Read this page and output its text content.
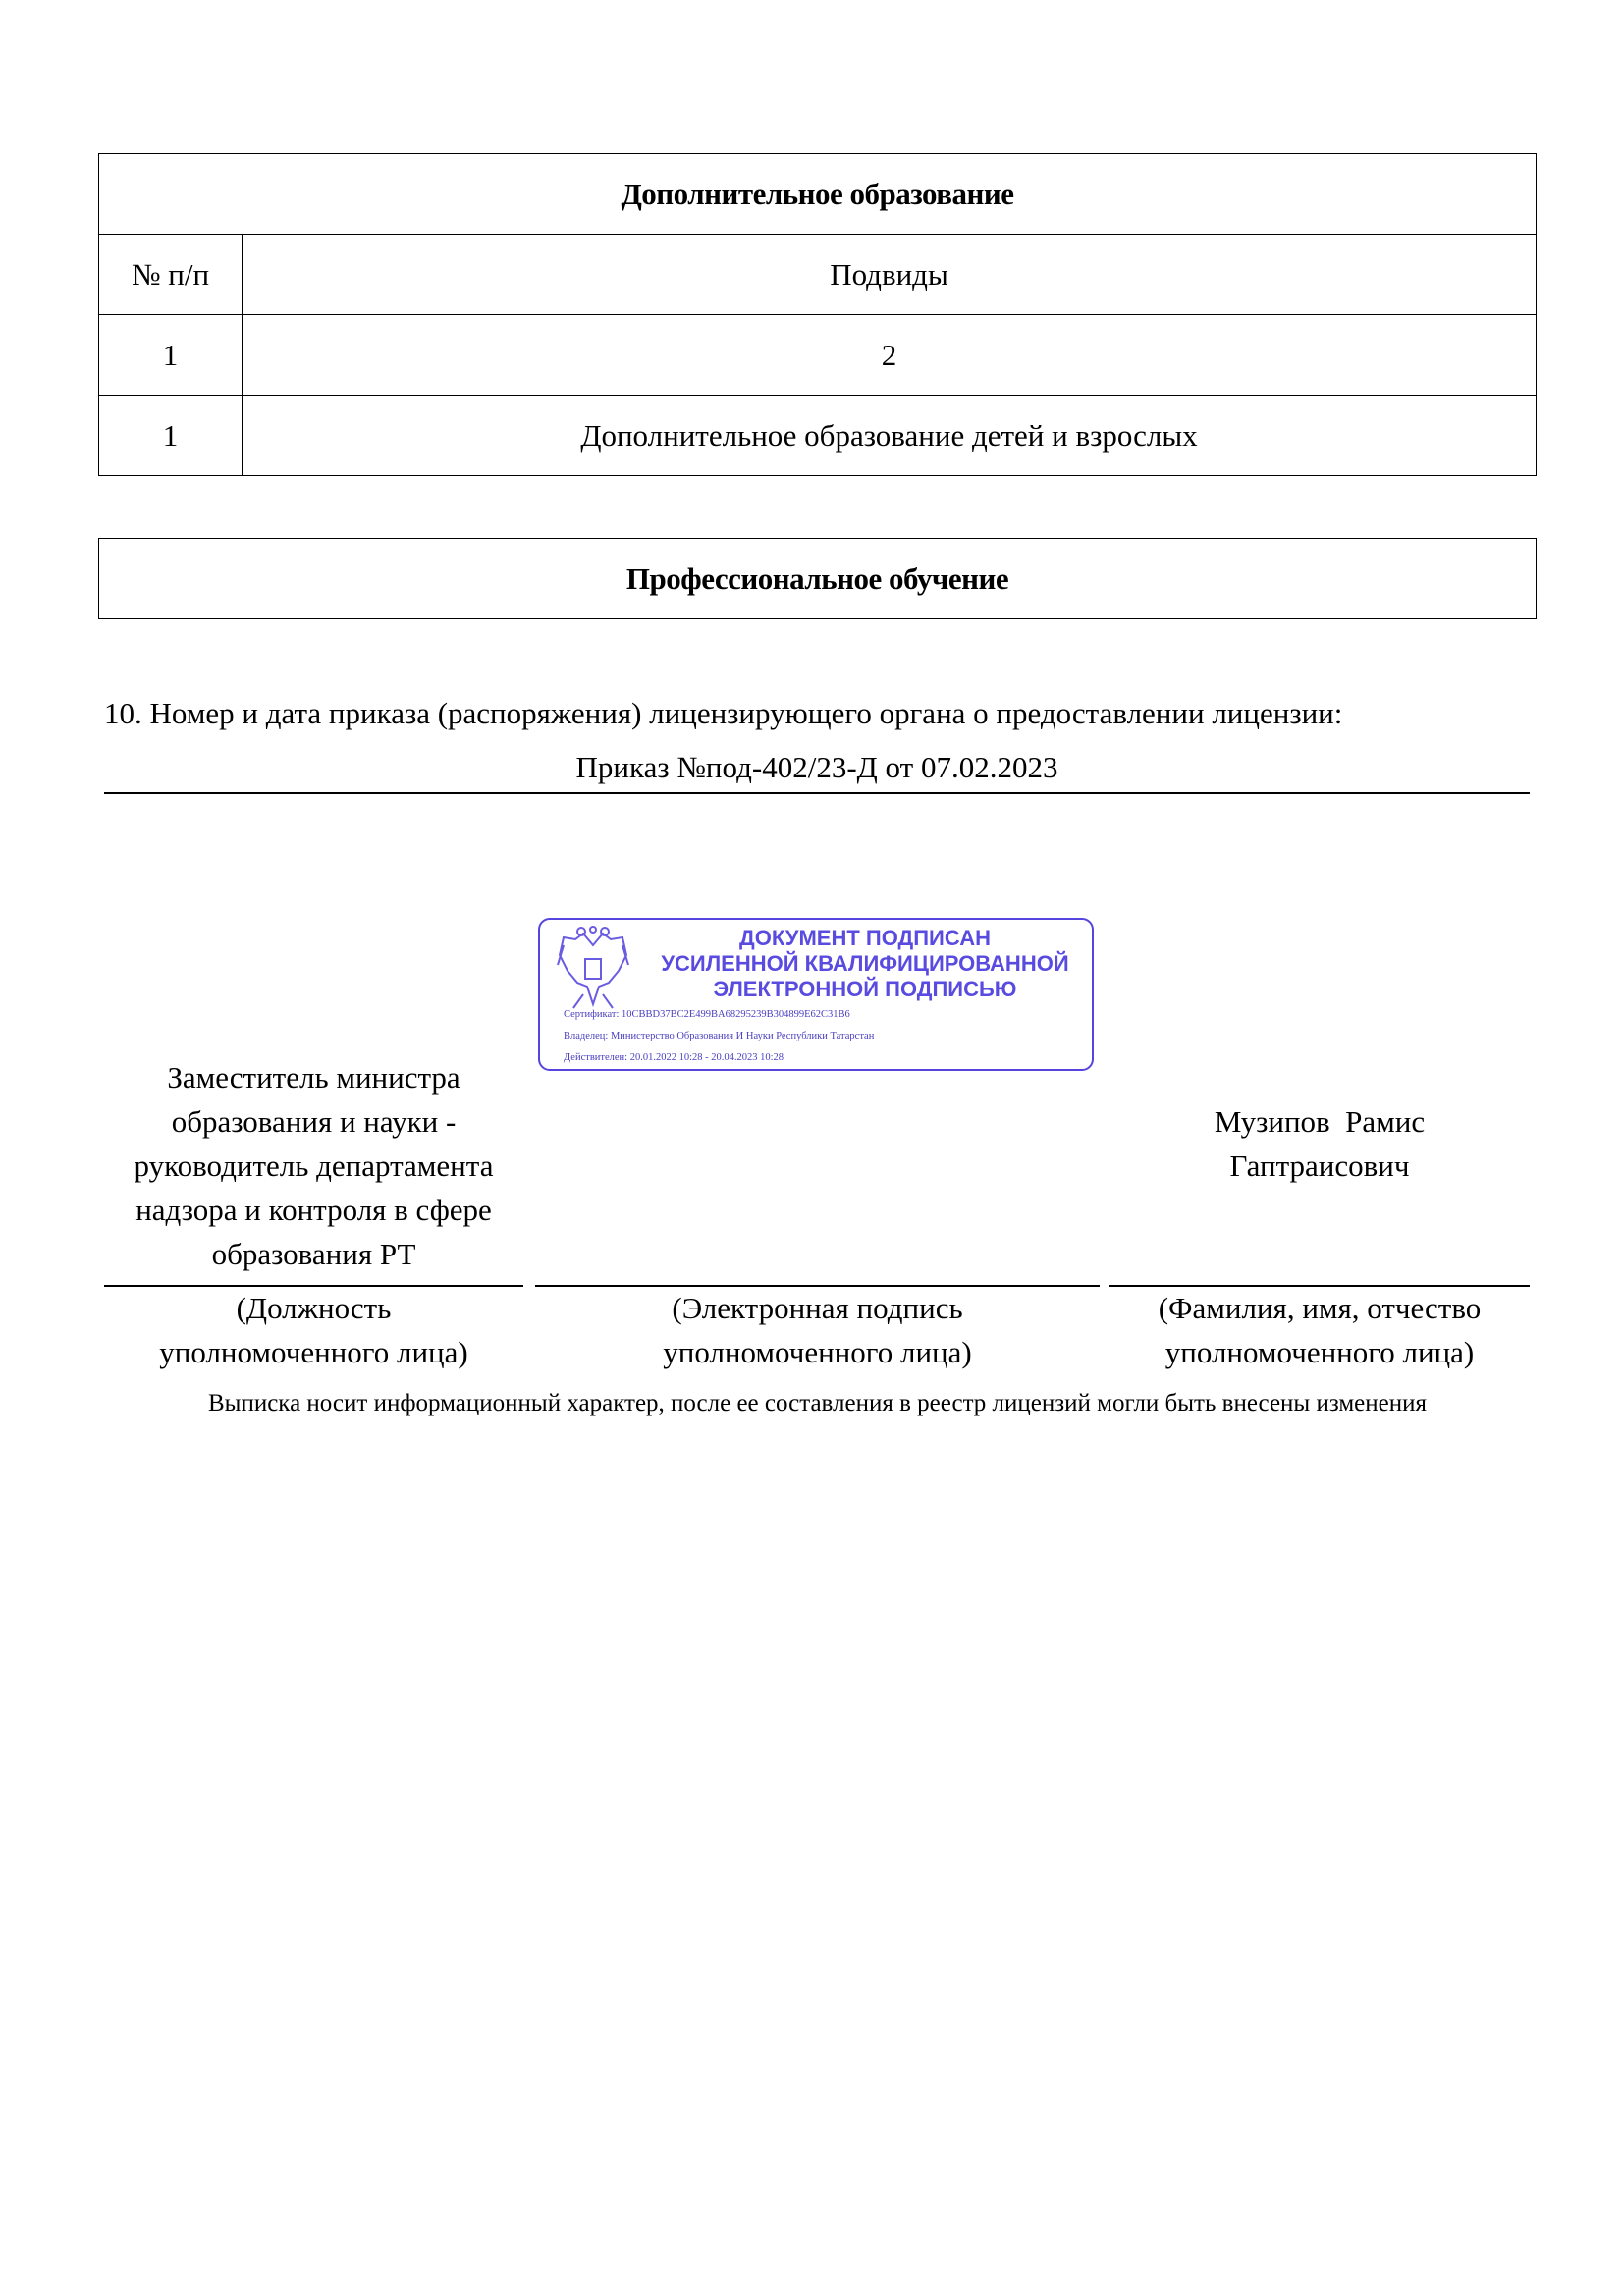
Дополнительное образование	
№ п/п	Подвиды
1	2
1	Дополнительное образование детей и взрослых
Профессиональное обучение
10. Номер и дата приказа (распоряжения) лицензирующего органа о предоставлении лицензии:
Приказ №под-402/23-Д от 07.02.2023
ДОКУМЕНТ ПОДПИСАН
УСИЛЕННОЙ КВАЛИФИЦИРОВАННОЙ
ЭЛЕКТРОННОЙ ПОДПИСЬЮ
Сертификат: 10CBBD37BC2E499BA68295239B304899E62C31B6
Владелец: Министерство Образования И Науки Республики Татарстан
Действителен: 20.01.2022 10:28 - 20.04.2023 10:28
Заместитель министра
образования и науки -
руководитель департамента
надзора и контроля в сфере
образования РТ

Музипов  Рамис
Гаптраисович

(Должность
уполномоченного лица)
(Электронная подпись
уполномоченного лица)
(Фамилия, имя, отчество
уполномоченного лица)
Выписка носит информационный характер, после ее составления в реестр лицензий могли быть внесены изменения
